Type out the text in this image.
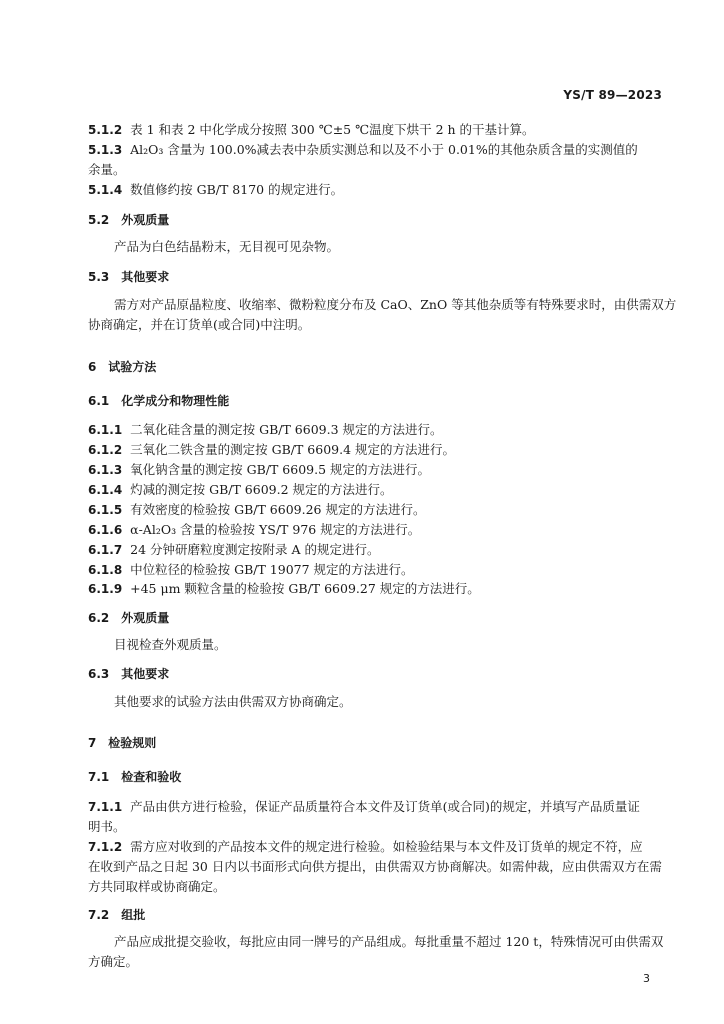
YS/T 89—2023
5.1.2 表 1 和表 2 中化学成分按照 300 ℃±5 ℃温度下烘干 2 h 的干基计算。
5.1.3 Al₂O₃ 含量为 100.0%减去表中杂质实测总和以及不小于 0.01%的其他杂质含量的实测值的
余量。
5.1.4 数值修约按 GB/T 8170 的规定进行。
5.2 外观质量
产品为白色结晶粉末，无目视可见杂物。
5.3 其他要求
需方对产品原晶粒度、收缩率、微粉粒度分布及 CaO、ZnO 等其他杂质等有特殊要求时，由供需双方
协商确定，并在订货单(或合同)中注明。
6 试验方法
6.1 化学成分和物理性能
6.1.1 二氧化硅含量的测定按 GB/T 6609.3 规定的方法进行。
6.1.2 三氧化二铁含量的测定按 GB/T 6609.4 规定的方法进行。
6.1.3 氧化钠含量的测定按 GB/T 6609.5 规定的方法进行。
6.1.4 灼减的测定按 GB/T 6609.2 规定的方法进行。
6.1.5 有效密度的检验按 GB/T 6609.26 规定的方法进行。
6.1.6 α-Al₂O₃ 含量的检验按 YS/T 976 规定的方法进行。
6.1.7 24 分钟研磨粒度测定按附录 A 的规定进行。
6.1.8 中位粒径的检验按 GB/T 19077 规定的方法进行。
6.1.9 +45 μm 颗粒含量的检验按 GB/T 6609.27 规定的方法进行。
6.2 外观质量
目视检查外观质量。
6.3 其他要求
其他要求的试验方法由供需双方协商确定。
7 检验规则
7.1 检查和验收
7.1.1 产品由供方进行检验，保证产品质量符合本文件及订货单(或合同)的规定，并填写产品质量证
明书。
7.1.2 需方应对收到的产品按本文件的规定进行检验。如检验结果与本文件及订货单的规定不符，应
在收到产品之日起 30 日内以书面形式向供方提出，由供需双方协商解决。如需仲裁，应由供需双方在需
方共同取样或协商确定。
7.2 组批
产品应成批提交验收，每批应由同一牌号的产品组成。每批重量不超过 120 t，特殊情况可由供需双
方确定。
3
